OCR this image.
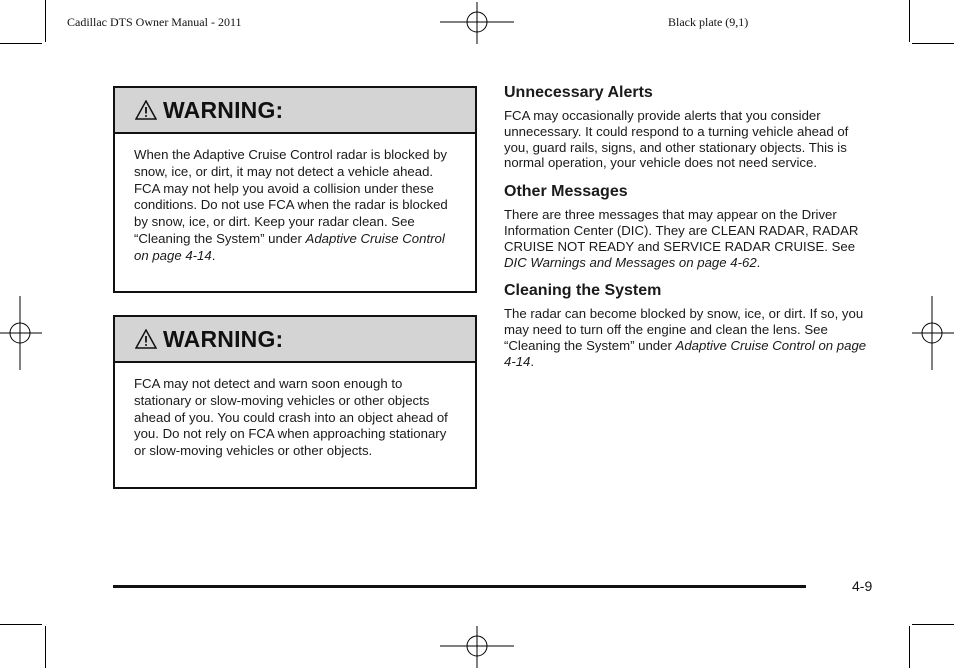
Cadillac DTS Owner Manual - 2011	Black plate (9,1)
WARNING:
When the Adaptive Cruise Control radar is blocked by snow, ice, or dirt, it may not detect a vehicle ahead. FCA may not help you avoid a collision under these conditions. Do not use FCA when the radar is blocked by snow, ice, or dirt. Keep your radar clean. See “Cleaning the System” under Adaptive Cruise Control on page 4-14.
WARNING:
FCA may not detect and warn soon enough to stationary or slow-moving vehicles or other objects ahead of you. You could crash into an object ahead of you. Do not rely on FCA when approaching stationary or slow-moving vehicles or other objects.
Unnecessary Alerts

FCA may occasionally provide alerts that you consider unnecessary. It could respond to a turning vehicle ahead of you, guard rails, signs, and other stationary objects. This is normal operation, your vehicle does not need service.

Other Messages

There are three messages that may appear on the Driver Information Center (DIC). They are CLEAN RADAR, RADAR CRUISE NOT READY and SERVICE RADAR CRUISE. See DIC Warnings and Messages on page 4-62.

Cleaning the System

The radar can become blocked by snow, ice, or dirt. If so, you may need to turn off the engine and clean the lens. See “Cleaning the System” under Adaptive Cruise Control on page 4-14.

4-9
